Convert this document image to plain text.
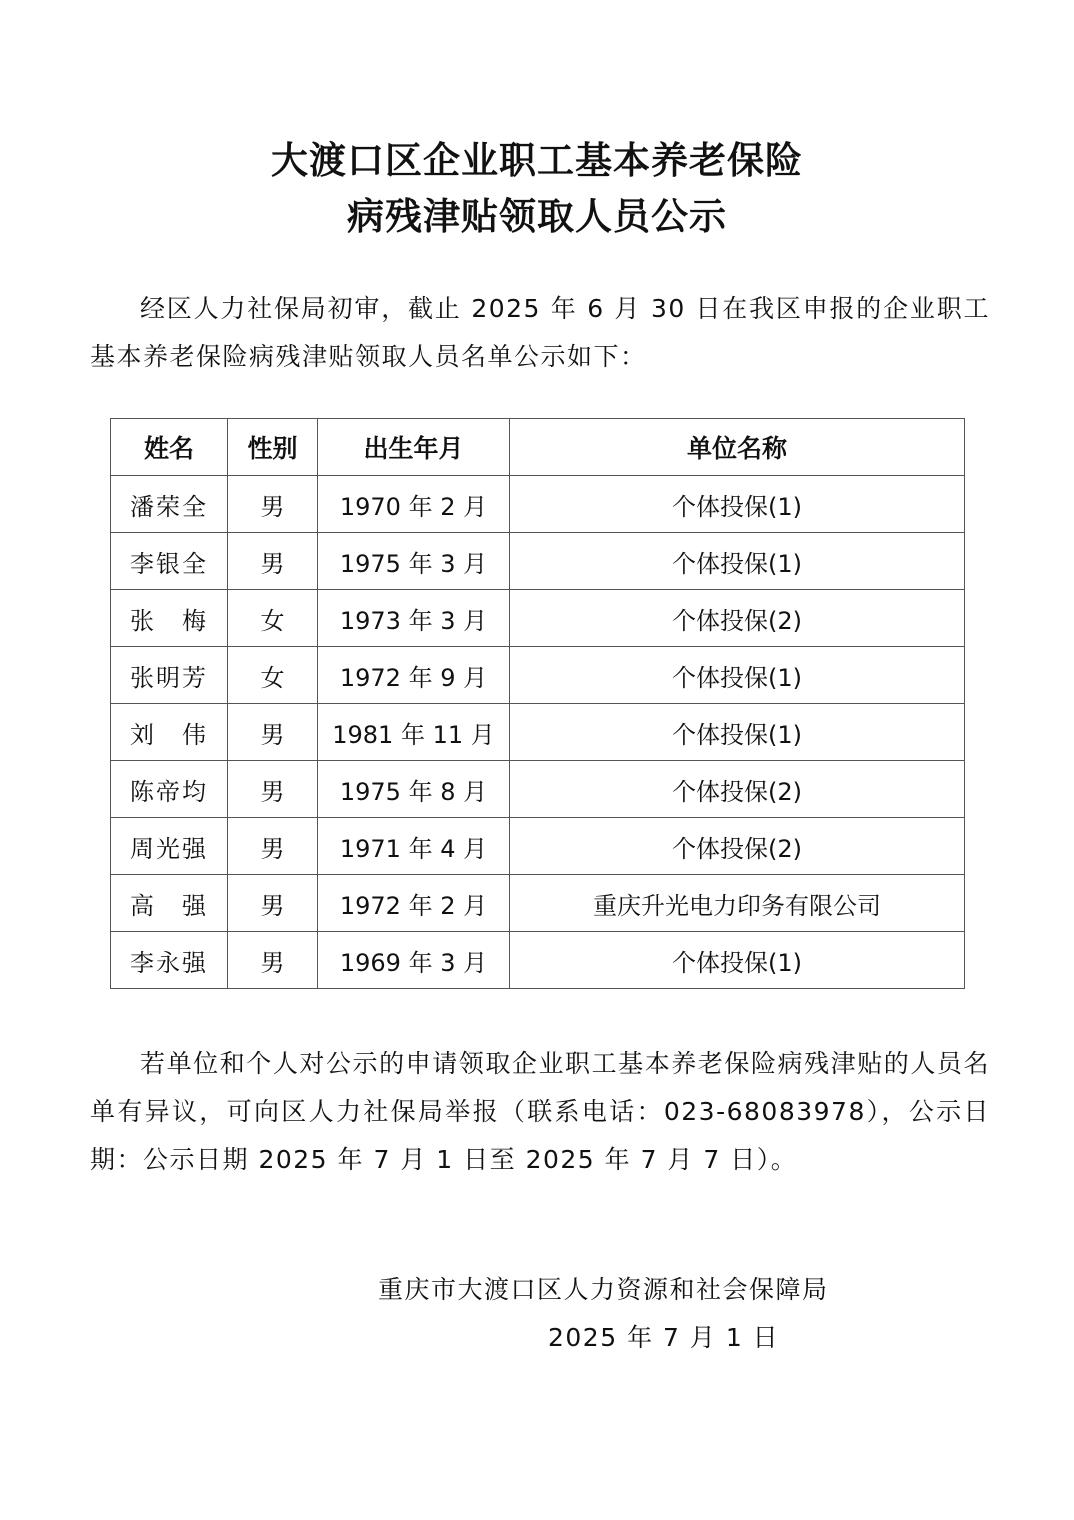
大渡口区企业职工基本养老保险
病残津贴领取人员公示
经区人力社保局初审，截止 2025 年 6 月 30 日在我区申报的企业职工基本养老保险病残津贴领取人员名单公示如下：
姓名	性别	出生年月	单位名称
潘荣全	男	1970 年 2 月	个体投保(1)
李银全	男	1975 年 3 月	个体投保(1)
张　梅	女	1973 年 3 月	个体投保(2)
张明芳	女	1972 年 9 月	个体投保(1)
刘　伟	男	1981 年 11 月	个体投保(1)
陈帝均	男	1975 年 8 月	个体投保(2)
周光强	男	1971 年 4 月	个体投保(2)
高　强	男	1972 年 2 月	重庆升光电力印务有限公司
李永强	男	1969 年 3 月	个体投保(1)
若单位和个人对公示的申请领取企业职工基本养老保险病残津贴的人员名单有异议，可向区人力社保局举报（联系电话：023-68083978），公示日期：公示日期 2025 年 7 月 1 日至 2025 年 7 月 7 日）。
重庆市大渡口区人力资源和社会保障局
2025 年 7 月 1 日
